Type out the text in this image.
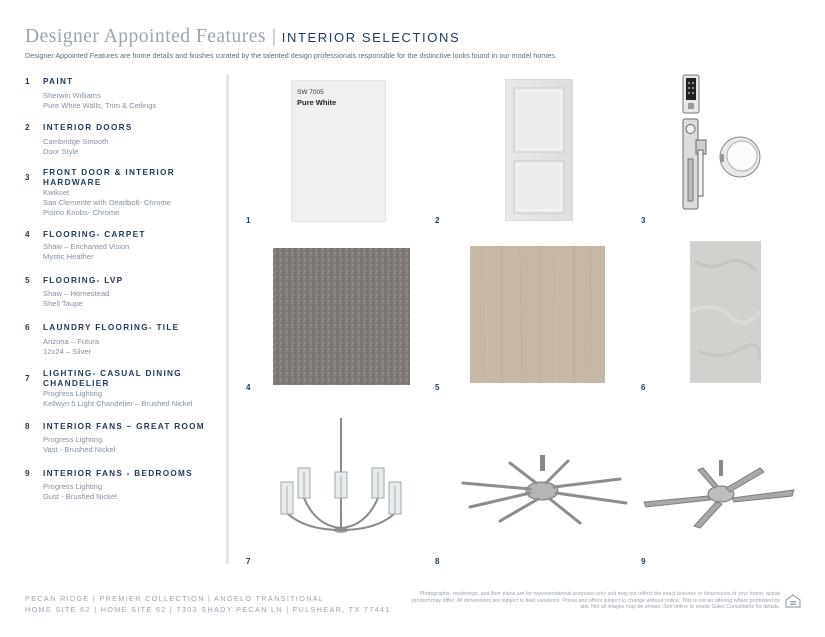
Designer Appointed Features | INTERIOR SELECTIONS
Designer Appointed Features are home details and finishes curated by the talented design professionals responsible for the distinctive looks found in our model homes.
1 PAINT
Sherwin Williams
Pure White Walls, Trim & Ceilings
2 INTERIOR DOORS
Cambridge Smooth
Door Style
3
FRONT DOOR & INTERIOR
HARDWARE
Kwikset
San Clemente with Deadbolt- Chrome
Pismo Knobs- Chrome
4 FLOORING- CARPET
Shaw – Enchanted Vision
Mystic Heather
5 FLOORING- LVP
Shaw – Homestead
Shell Taupe
6 LAUNDRY FLOORING- TILE
Arizona – Futura
12x24 – Silver
7
LIGHTING- CASUAL DINING
CHANDELIER
Progress Lighting
Kellwyn 5 Light Chandelier – Brushed Nickel
8 INTERIOR FANS – GREAT ROOM
Progress Lighting
Vast - Brushed Nickel
9 INTERIOR FANS - BEDROOMS
Progress Lighting
Gust - Brushed Nickel
SW 7005
Pure White
1	2	3
4	5	6
7	8	9
PECAN RIDGE | PREMIER COLLECTION | ANGELO TRANSITIONAL
HOME SITE 62 | HOME SITE 62 | 7303 SHADY PECAN LN | FULSHEAR, TX 77441
Photographs, renderings, and floor plans are for representational purposes only and may not reflect the exact features or dimensions of your home; actual product may differ. All dimensions are subject to field variations. Prices and offers subject to change without notice. This is not an offering where prohibited by law. Not all images may be shown. See online or onsite Sales Consultants for details.
